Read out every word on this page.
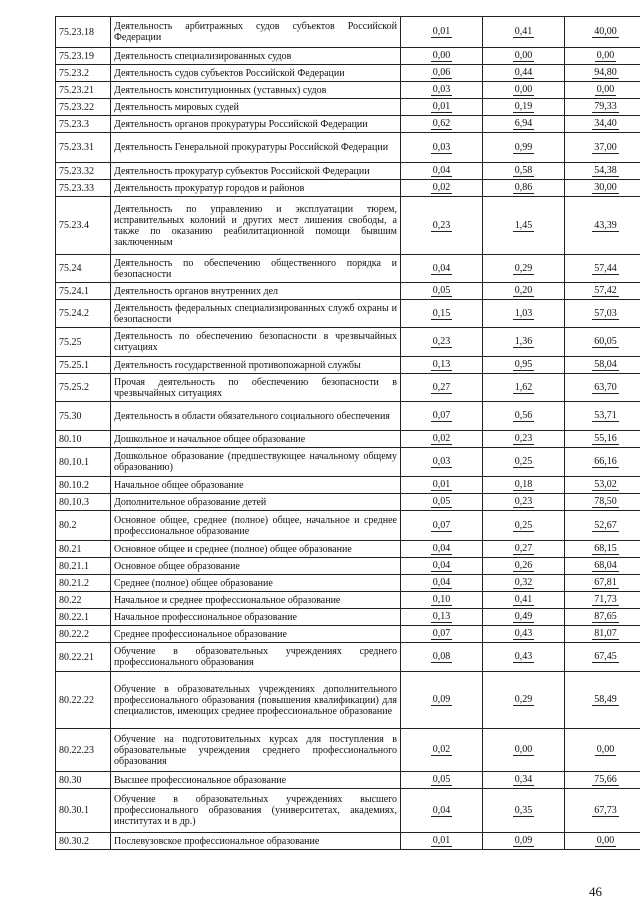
75.23.18	Деятельность арбитражных судов субъектов Российской Федерации	0,01	0,41	40,00
75.23.19	Деятельность специализированных судов	0,00	0,00	0,00
75.23.2	Деятельность судов субъектов Российской Федерации	0,06	0,44	94,80
75.23.21	Деятельность конституционных (уставных) судов	0,03	0,00	0,00
75.23.22	Деятельность мировых судей	0,01	0,19	79,33
75.23.3	Деятельность органов прокуратуры Российской Федерации	0,62	6,94	34,40
75.23.31	Деятельность Генеральной прокуратуры Российской Федерации	0,03	0,99	37,00
75.23.32	Деятельность прокуратур субъектов Российской Федерации	0,04	0,58	54,38
75.23.33	Деятельность прокуратур городов и районов	0,02	0,86	30,00
75.23.4	Деятельность по управлению и эксплуатации тюрем, исправительных колоний и других мест лишения свободы, а также по оказанию реабилитационной помощи бывшим заключенным	0,23	1,45	43,39
75.24	Деятельность по обеспечению общественного порядка и безопасности	0,04	0,29	57,44
75.24.1	Деятельность органов внутренних дел	0,05	0,20	57,42
75.24.2	Деятельность федеральных специализированных служб охраны и безопасности	0,15	1,03	57,03
75.25	Деятельность по обеспечению безопасности в чрезвычайных ситуациях	0,23	1,36	60,05
75.25.1	Деятельность государственной противопожарной службы	0,13	0,95	58,04
75.25.2	Прочая деятельность по обеспечению безопасности в чрезвычайных ситуациях	0,27	1,62	63,70
75.30	Деятельность в области обязательного социального обеспечения	0,07	0,56	53,71
80.10	Дошкольное и начальное общее образование	0,02	0,23	55,16
80.10.1	Дошкольное образование (предшествующее начальному общему образованию)	0,03	0,25	66,16
80.10.2	Начальное общее образование	0,01	0,18	53,02
80.10.3	Дополнительное образование детей	0,05	0,23	78,50
80.2	Основное общее, среднее (полное) общее, начальное и среднее профессиональное образование	0,07	0,25	52,67
80.21	Основное общее и среднее (полное) общее образование	0,04	0,27	68,15
80.21.1	Основное общее образование	0,04	0,26	68,04
80.21.2	Среднее (полное) общее образование	0,04	0,32	67,81
80.22	Начальное и среднее профессиональное образование	0,10	0,41	71,73
80.22.1	Начальное профессиональное образование	0,13	0,49	87,65
80.22.2	Среднее профессиональное образование	0,07	0,43	81,07
80.22.21	Обучение в образовательных учреждениях среднего профессионального образования	0,08	0,43	67,45
80.22.22	Обучение в образовательных учреждениях дополнительного профессионального образования (повышения квалификации) для специалистов, имеющих среднее профессиональное образование	0,09	0,29	58,49
80.22.23	Обучение на подготовительных курсах для поступления в образовательные учреждения среднего профессионального образования	0,02	0,00	0,00
80.30	Высшее профессиональное образование	0,05	0,34	75,66
80.30.1	Обучение в образовательных учреждениях высшего профессионального образования (университетах, академиях, институтах и в др.)	0,04	0,35	67,73
80.30.2	Послевузовское профессиональное образование	0,01	0,09	0,00
46
